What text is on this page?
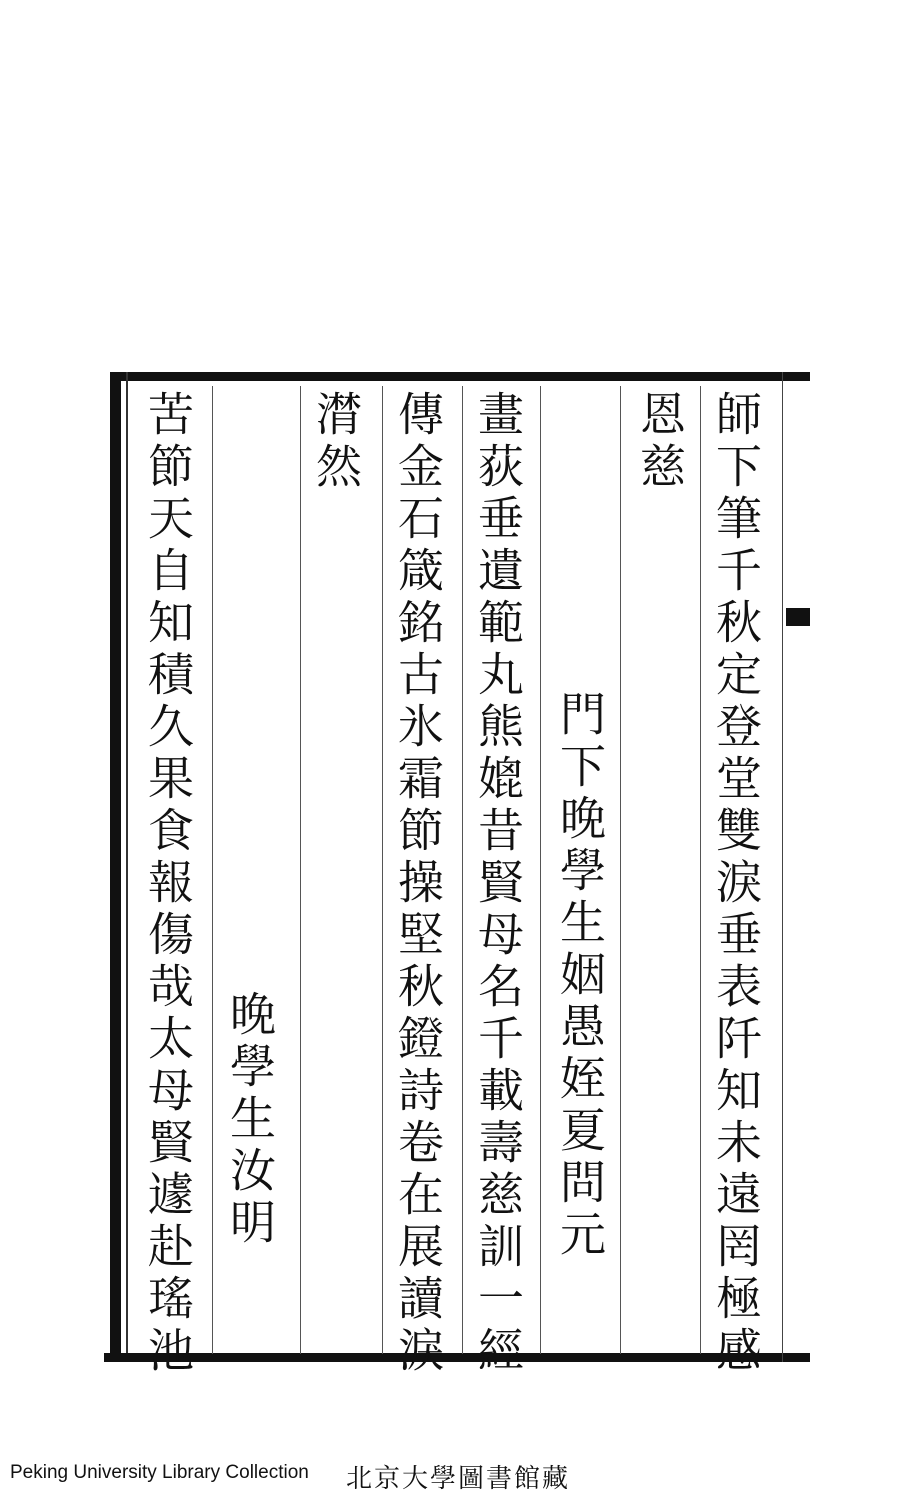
師下筆千秋定登堂雙淚垂表阡知未遠罔極感
恩慈
門下晚學生姻愚姪夏問元
畫荻垂遺範丸熊媲昔賢母名千載壽慈訓一經
傳金石箴銘古氷霜節操堅秋鐙詩卷在展讀淚
潸然
晚學生汝明
苦節天自知積久果食報傷哉太母賢遽赴瑤池
Peking University Library Collection 北京大學圖書館藏
